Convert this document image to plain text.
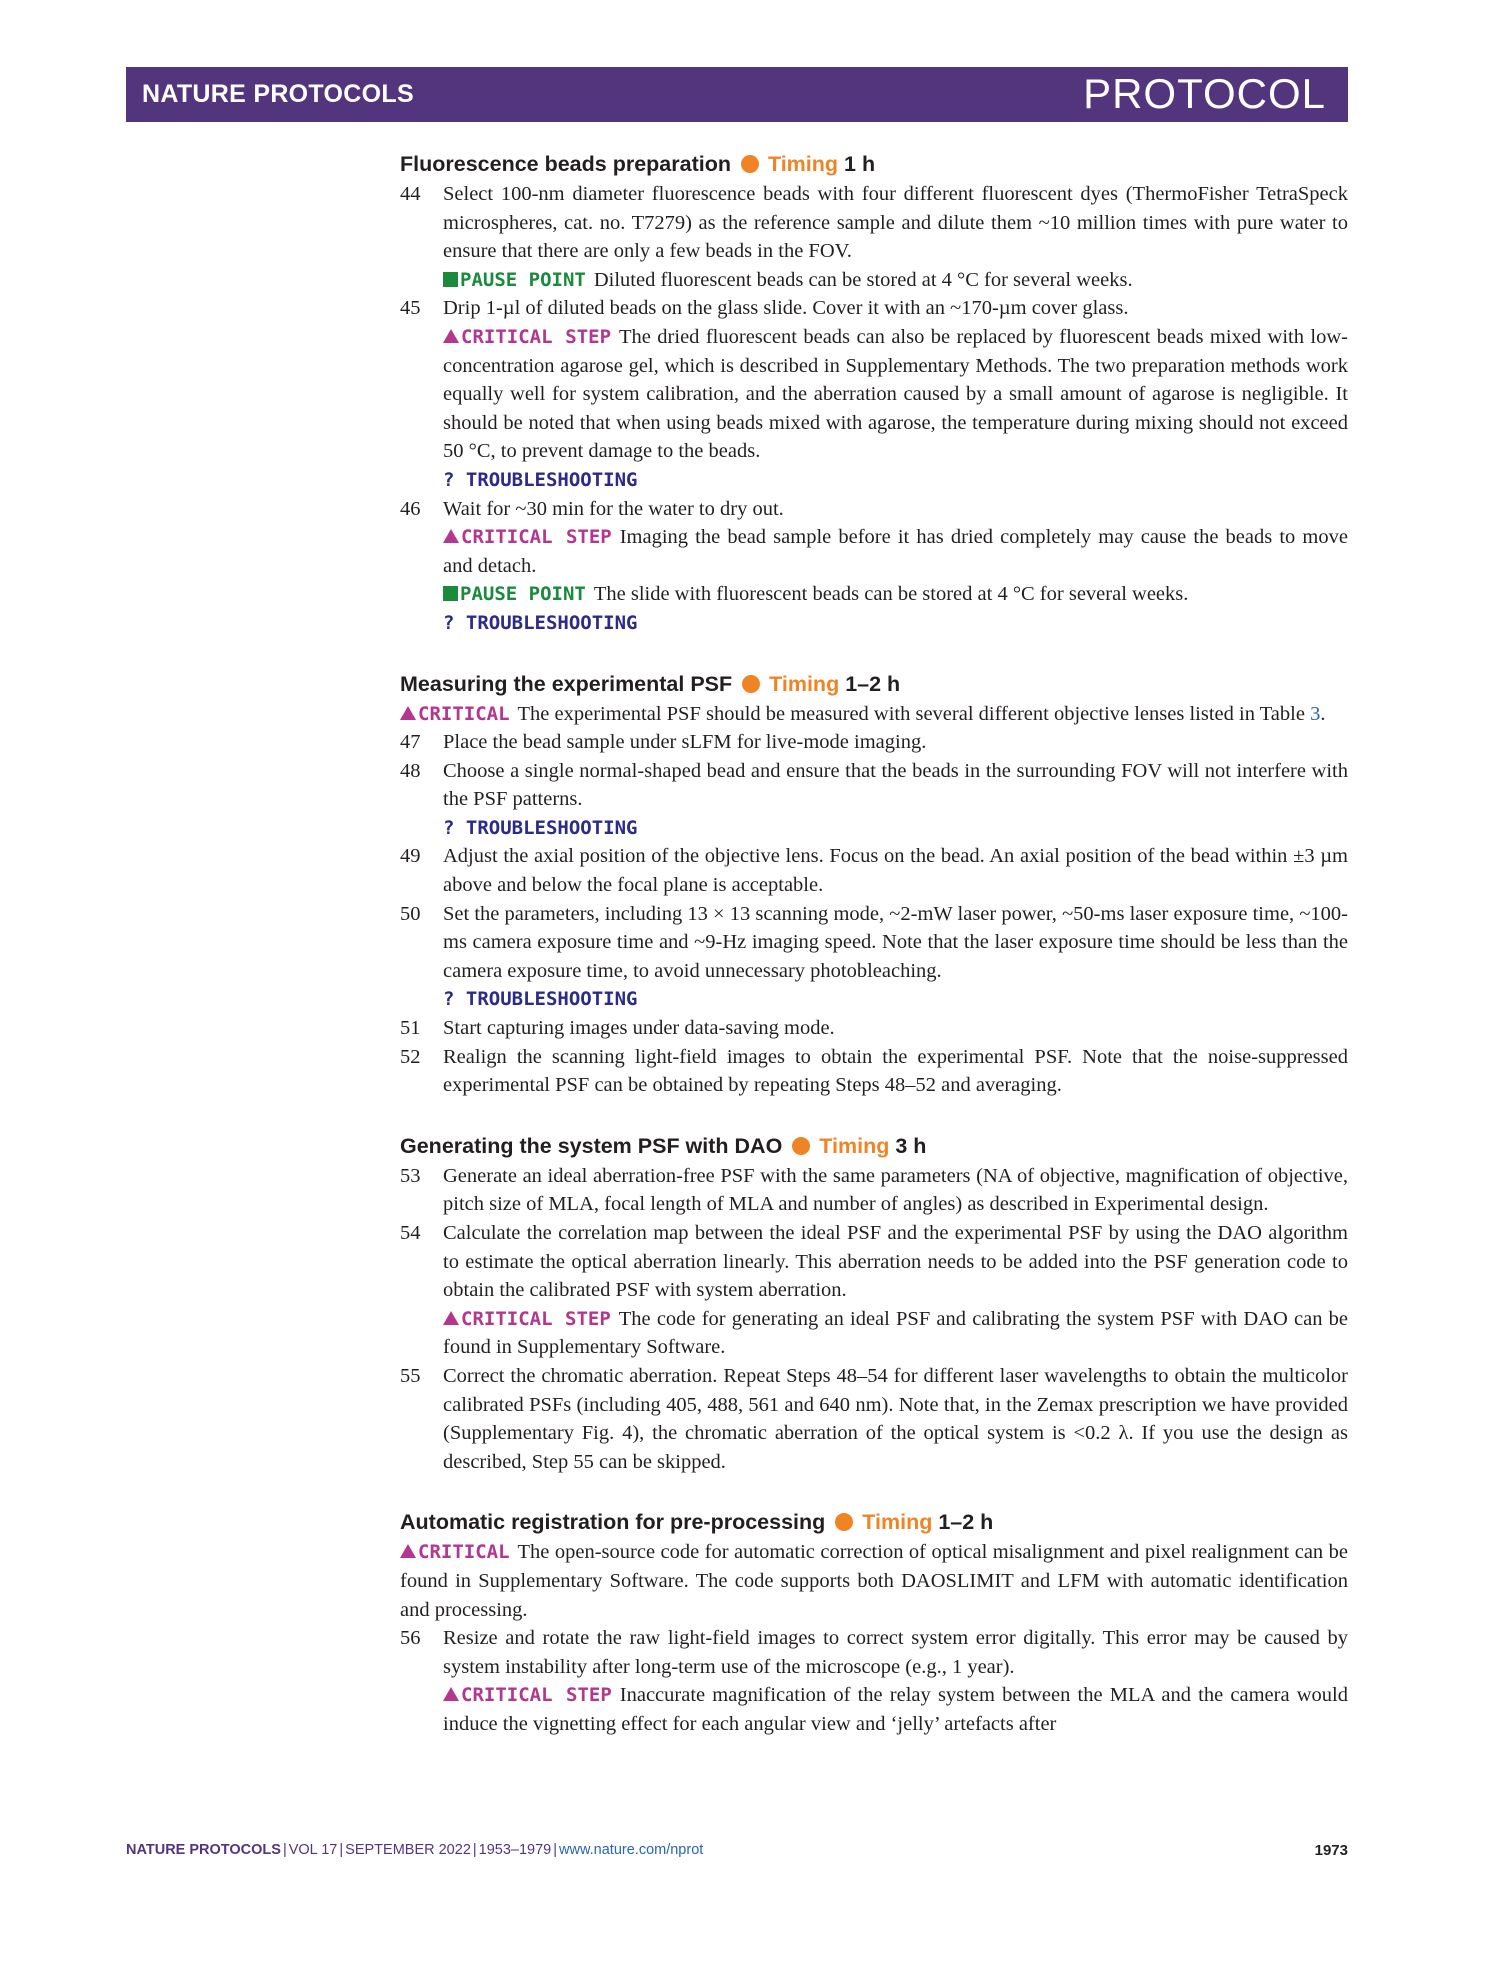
NATURE PROTOCOLS	PROTOCOL
Fluorescence beads preparation Timing 1 h
44	Select 100-nm diameter fluorescence beads with four different fluorescent dyes (ThermoFisher TetraSpeck microspheres, cat. no. T7279) as the reference sample and dilute them ~10 million times with pure water to ensure that there are only a few beads in the FOV.

PAUSE POINT Diluted fluorescent beads can be stored at 4 °C for several weeks.

45	Drip 1-µl of diluted beads on the glass slide. Cover it with an ~170-µm cover glass.

CRITICAL STEP The dried fluorescent beads can also be replaced by fluorescent beads mixed with low-concentration agarose gel, which is described in Supplementary Methods. The two preparation methods work equally well for system calibration, and the aberration caused by a small amount of agarose is negligible. It should be noted that when using beads mixed with agarose, the temperature during mixing should not exceed 50 °C, to prevent damage to the beads.

? TROUBLESHOOTING

46	Wait for ~30 min for the water to dry out.

CRITICAL STEP Imaging the bead sample before it has dried completely may cause the beads to move and detach.

PAUSE POINT The slide with fluorescent beads can be stored at 4 °C for several weeks.

? TROUBLESHOOTING

Measuring the experimental PSF Timing 1–2 h

CRITICAL The experimental PSF should be measured with several different objective lenses listed in Table 3.

47	Place the bead sample under sLFM for live-mode imaging.

48	Choose a single normal-shaped bead and ensure that the beads in the surrounding FOV will not interfere with the PSF patterns.

? TROUBLESHOOTING

49	Adjust the axial position of the objective lens. Focus on the bead. An axial position of the bead within ±3 µm above and below the focal plane is acceptable.

50	Set the parameters, including 13 × 13 scanning mode, ~2-mW laser power, ~50-ms laser exposure time, ~100-ms camera exposure time and ~9-Hz imaging speed. Note that the laser exposure time should be less than the camera exposure time, to avoid unnecessary photobleaching.

? TROUBLESHOOTING

51	Start capturing images under data-saving mode.

52	Realign the scanning light-field images to obtain the experimental PSF. Note that the noise-suppressed experimental PSF can be obtained by repeating Steps 48–52 and averaging.

Generating the system PSF with DAO Timing 3 h
53	Generate an ideal aberration-free PSF with the same parameters (NA of objective, magnification of objective, pitch size of MLA, focal length of MLA and number of angles) as described in Experimental design.

54	Calculate the correlation map between the ideal PSF and the experimental PSF by using the DAO algorithm to estimate the optical aberration linearly. This aberration needs to be added into the PSF generation code to obtain the calibrated PSF with system aberration.

CRITICAL STEP The code for generating an ideal PSF and calibrating the system PSF with DAO can be found in Supplementary Software.

55	Correct the chromatic aberration. Repeat Steps 48–54 for different laser wavelengths to obtain the multicolor calibrated PSFs (including 405, 488, 561 and 640 nm). Note that, in the Zemax prescription we have provided (Supplementary Fig. 4), the chromatic aberration of the optical system is <0.2 λ. If you use the design as described, Step 55 can be skipped.

Automatic registration for pre-processing Timing 1–2 h

CRITICAL The open-source code for automatic correction of optical misalignment and pixel realignment can be found in Supplementary Software. The code supports both DAOSLIMIT and LFM with automatic identification and processing.

56	Resize and rotate the raw light-field images to correct system error digitally. This error may be caused by system instability after long-term use of the microscope (e.g., 1 year).

CRITICAL STEP Inaccurate magnification of the relay system between the MLA and the camera would induce the vignetting effect for each angular view and ‘jelly’ artefacts after

NATURE PROTOCOLS | VOL 17 | SEPTEMBER 2022 | 1953–1979 | www.nature.com/nprot	1973
